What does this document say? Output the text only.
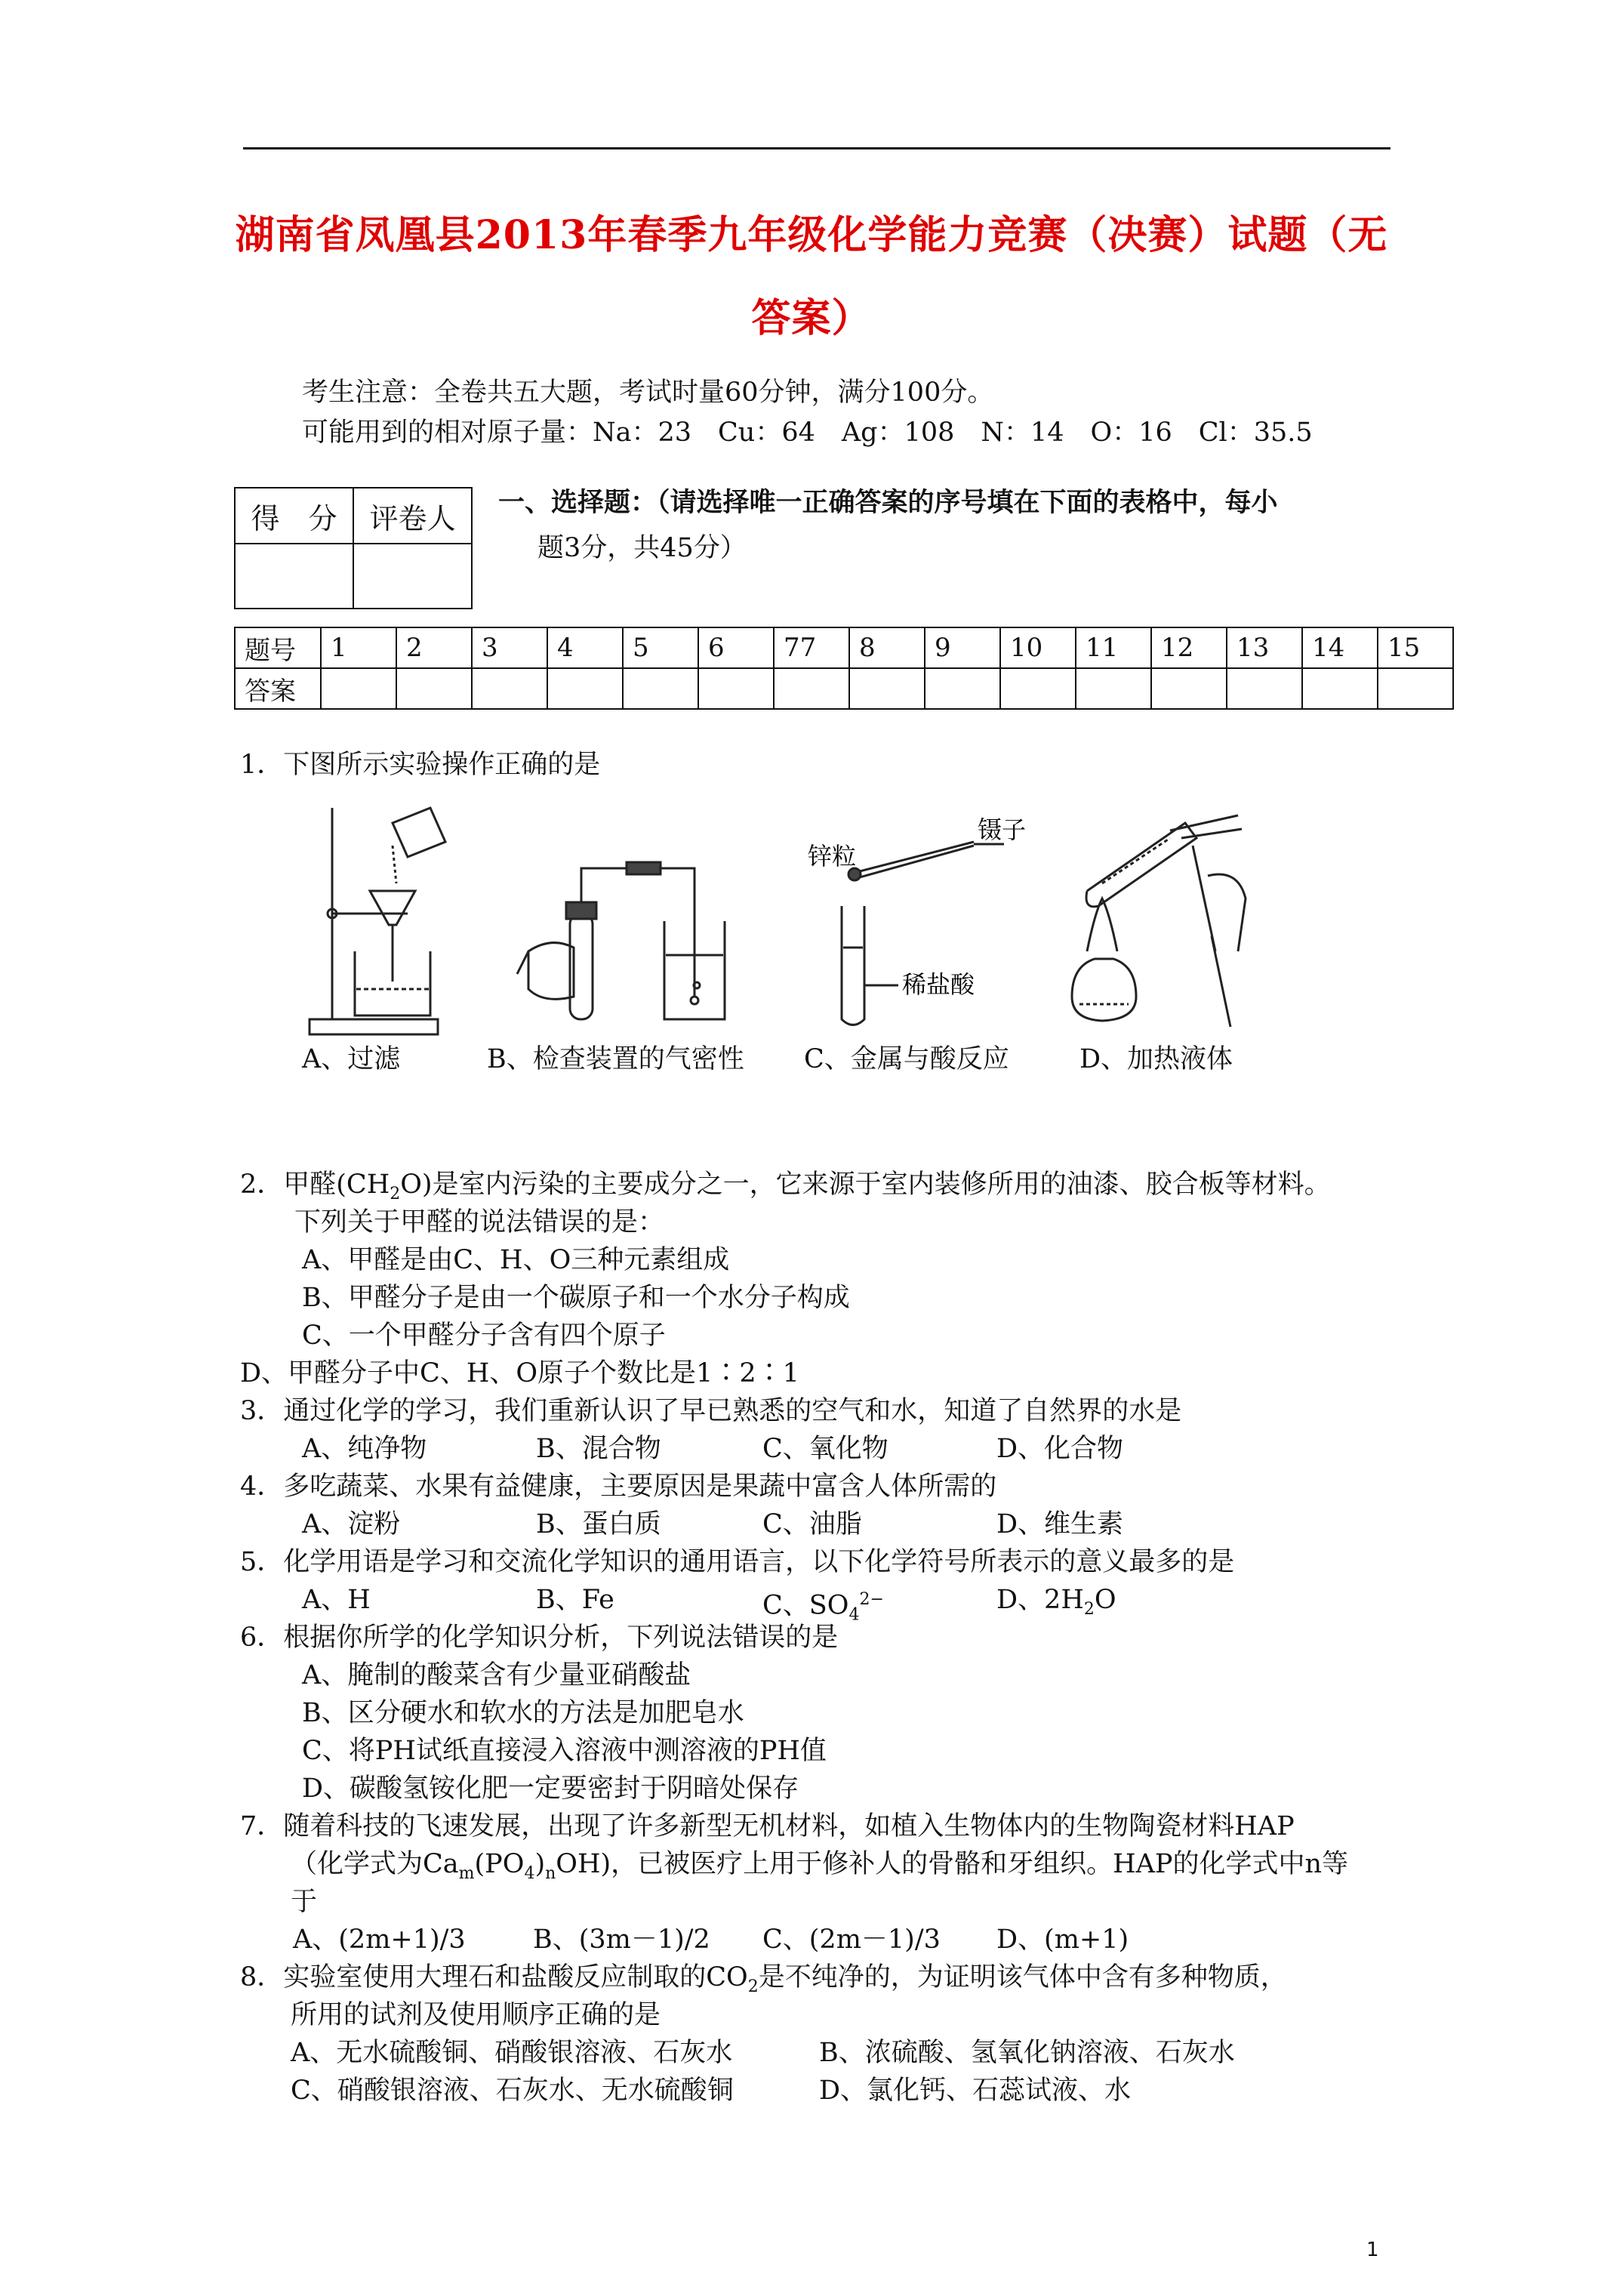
湖南省凤凰县2013年春季九年级化学能力竞赛（决赛）试题（无
答案）
考生注意：全卷共五大题，考试时量60分钟，满分100分。
可能用到的相对原子量：Na：23　Cu：64　Ag：108　N：14　O：16　Cl：35.5
得　分	评卷人
	一、选择题：（请选择唯一正确答案的序号填在下面的表格中，每小
题3分，共45分）
题号	1	2	3	4	5	6	77	8	9	10	11	12	13	14	15
答案															
1．下图所示实验操作正确的是
锌粒
镊子
稀盐酸
A、过滤	B、检查装置的气密性 C、金属与酸反应	D、加热液体
2．甲醛$(CH_2O)$是室内污染的主要成分之一，它来源于室内装修所用的油漆、胶合板等材料。
下列关于甲醛的说法错误的是：
A、甲醛是由C、H、O三种元素组成
B、甲醛分子是由一个碳原子和一个水分子构成
C、一个甲醛分子含有四个原子
D、甲醛分子中C、H、O原子个数比是1∶2∶1
3．通过化学的学习，我们重新认识了早已熟悉的空气和水，知道了自然界的水是
A、纯净物	B、混合物	C、氧化物	D、化合物
4．多吃蔬菜、水果有益健康，主要原因是果蔬中富含人体所需的
A、淀粉	B、蛋白质	C、油脂	D、维生素
5．化学用语是学习和交流化学知识的通用语言，以下化学符号所表示的意义最多的是
A、H	B、Fe	C、$SO_4^{2-}$	D、$2H_2O$
6．根据你所学的化学知识分析，下列说法错误的是
A、腌制的酸菜含有少量亚硝酸盐
B、区分硬水和软水的方法是加肥皂水
C、将PH试纸直接浸入溶液中测溶液的PH值
D、碳酸氢铵化肥一定要密封于阴暗处保存
7．随着科技的飞速发展，出现了许多新型无机材料，如植入生物体内的生物陶瓷材料HAP
（化学式为$Ca_m(PO_4)_nOH$)，已被医疗上用于修补人的骨骼和牙组织。HAP的化学式中n等
于
A、(2m+1)/3	B、(3m－1)/2 C、(2m－1)/3 D、(m+1)
8．实验室使用大理石和盐酸反应制取的$CO_2$是不纯净的，为证明该气体中含有多种物质，
所用的试剂及使用顺序正确的是
A、无水硫酸铜、硝酸银溶液、石灰水	B、浓硫酸、氢氧化钠溶液、石灰水
C、硝酸银溶液、石灰水、无水硫酸铜	D、氯化钙、石蕊试液、水
1
